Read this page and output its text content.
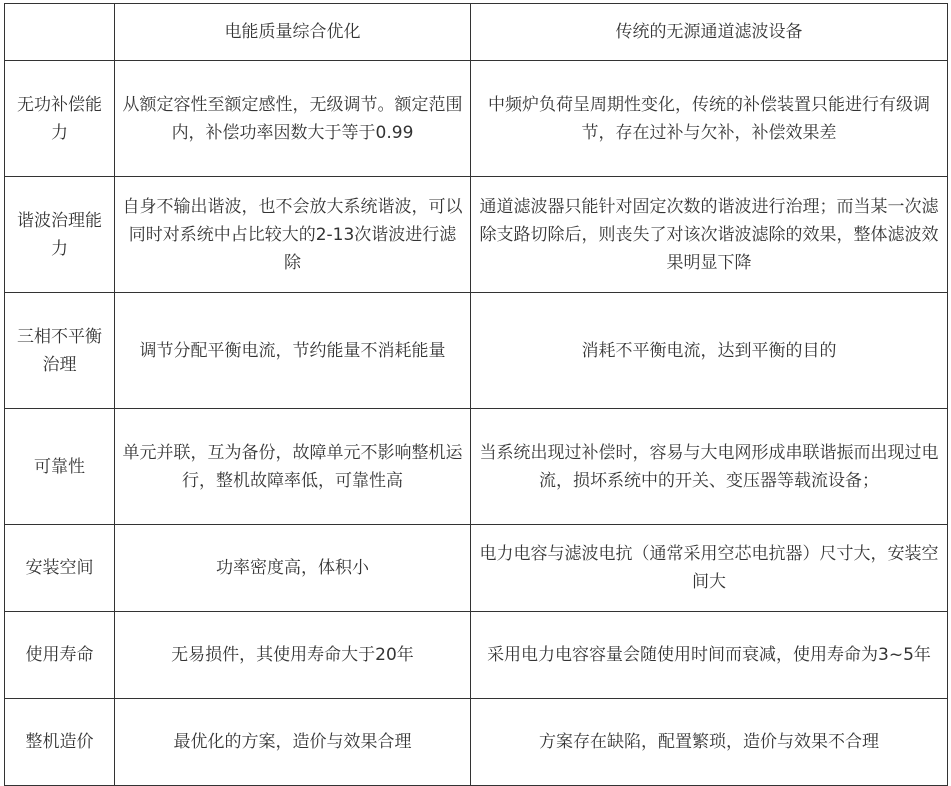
	电能质量综合优化	传统的无源通道滤波设备
无功补偿能力	从额定容性至额定感性，无级调节。额定范围内，补偿功率因数大于等于0.99	中频炉负荷呈周期性变化，传统的补偿装置只能进行有级调节，存在过补与欠补，补偿效果差
谐波治理能力	自身不输出谐波，也不会放大系统谐波，可以同时对系统中占比较大的2-13次谐波进行滤除	通道滤波器只能针对固定次数的谐波进行治理；而当某一次滤除支路切除后，则丧失了对该次谐波滤除的效果，整体滤波效果明显下降
三相不平衡治理	调节分配平衡电流，节约能量不消耗能量	消耗不平衡电流，达到平衡的目的
可靠性	单元并联，互为备份，故障单元不影响整机运行，整机故障率低，可靠性高	当系统出现过补偿时，容易与大电网形成串联谐振而出现过电流，损坏系统中的开关、变压器等载流设备；
安装空间	功率密度高，体积小	电力电容与滤波电抗（通常采用空芯电抗器）尺寸大，安装空间大
使用寿命	无易损件，其使用寿命大于20年	采用电力电容容量会随使用时间而衰减，使用寿命为3~5年
整机造价	最优化的方案，造价与效果合理	方案存在缺陷，配置繁琐，造价与效果不合理
